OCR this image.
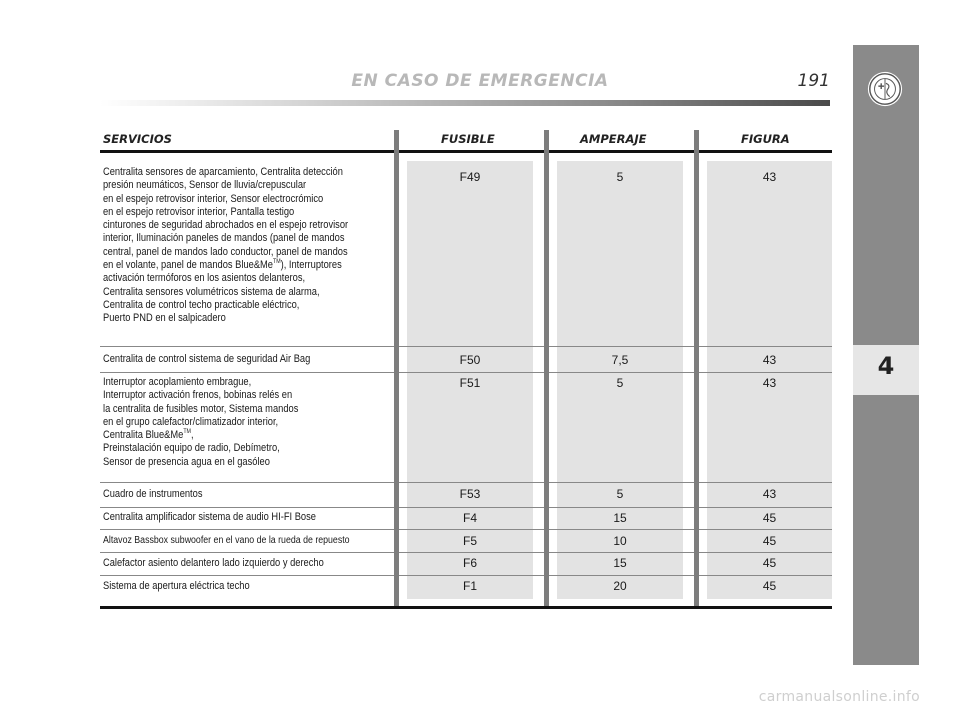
EN CASO DE EMERGENCIA	191
4
SERVICIOS	FUSIBLE	AMPERAJE	FIGURA
Centralita sensores de aparcamiento, Centralita detección
presión neumáticos, Sensor de lluvia/crepuscular
en el espejo retrovisor interior, Sensor electrocrómico
en el espejo retrovisor interior, Pantalla testigo
cinturones de seguridad abrochados en el espejo retrovisor
interior, Iluminación paneles de mandos (panel de mandos
central, panel de mandos lado conductor, panel de mandos
en el volante, panel de mandos Blue&Me™), Interruptores
activación termóforos en los asientos delanteros,
Centralita sensores volumétricos sistema de alarma,
Centralita de control techo practicable eléctrico,
Puerto PND en el salpicadero
F49	5	43
Centralita de control sistema de seguridad Air Bag	F50	7,5	43
Interruptor acoplamiento embrague,
Interruptor activación frenos, bobinas relés en
la centralita de fusibles motor, Sistema mandos
en el grupo calefactor/climatizador interior,
Centralita Blue&Me™,
Preinstalación equipo de radio, Debímetro,
Sensor de presencia agua en el gasóleo
F51	5	43
Cuadro de instrumentos	F53	5	43
Centralita amplificador sistema de audio HI-FI Bose	F4	15	45
Altavoz Bassbox subwoofer en el vano de la rueda de repuesto	F5	10	45
Calefactor asiento delantero lado izquierdo y derecho	F6	15	45
Sistema de apertura eléctrica techo	F1	20	45
carmanualsonline.info
